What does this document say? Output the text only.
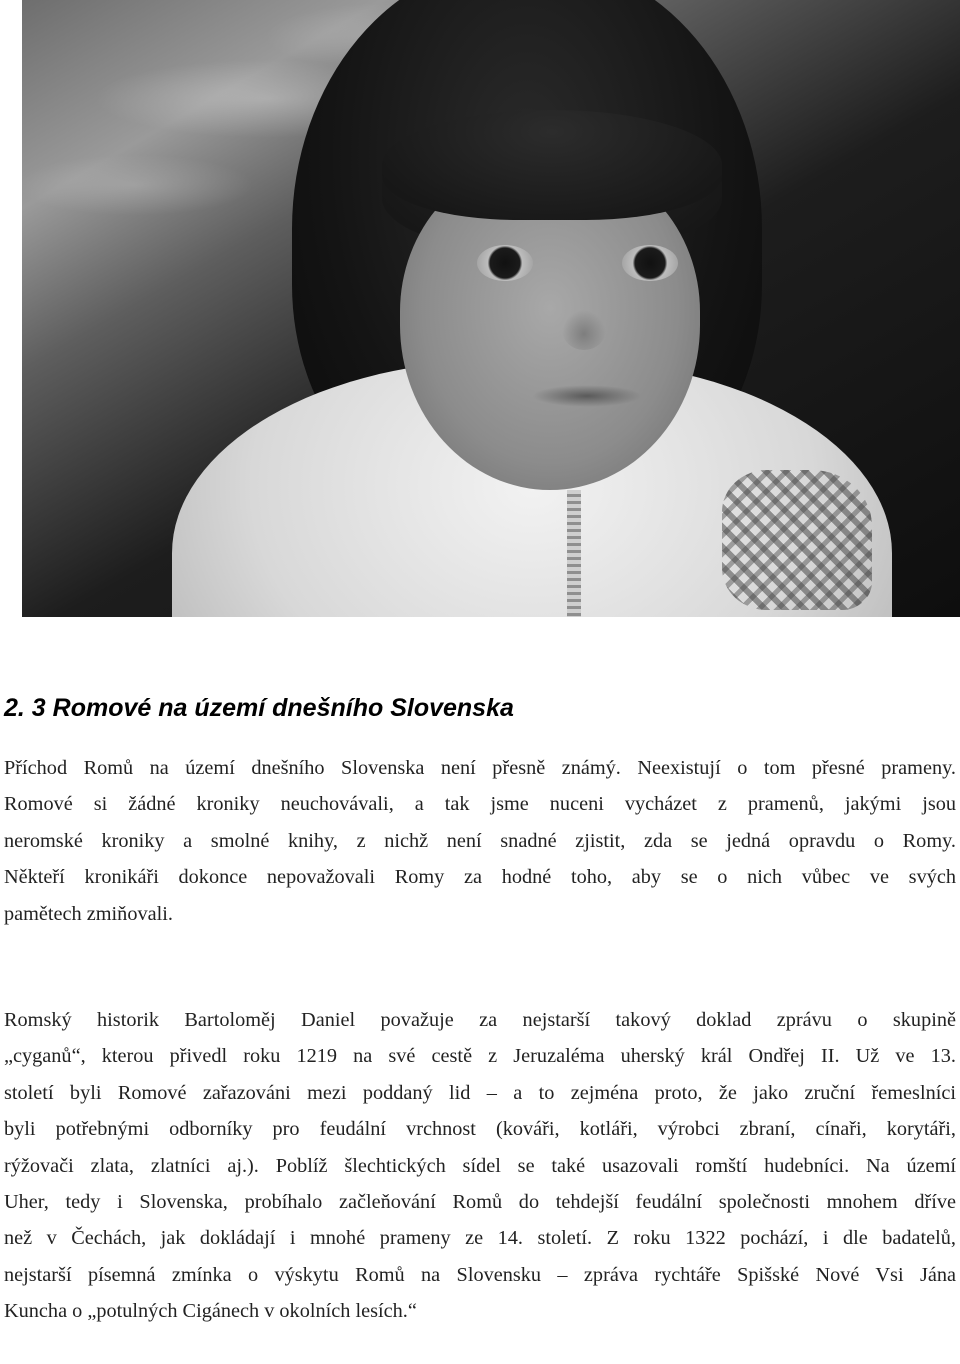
2. 3 Romové na území dnešního Slovenska

Příchod Romů na území dnešního Slovenska není přesně známý. Neexistují o tom přesné prameny.
Romové si žádné kroniky neuchovávali, a tak jsme nuceni vycházet z pramenů, jakými jsou
neromské kroniky a smolné knihy, z nichž není snadné zjistit, zda se jedná opravdu o Romy.
Někteří kronikáři dokonce nepovažovali Romy za hodné toho, aby se o nich vůbec ve svých
pamětech zmiňovali.

Romský historik Bartoloměj Daniel považuje za nejstarší takový doklad zprávu o skupině
„cyganů“, kterou přivedl roku 1219 na své cestě z Jeruzaléma uherský král Ondřej II. Už ve 13.
století byli Romové zařazováni mezi poddaný lid – a to zejména proto, že jako zruční řemeslníci
byli potřebnými odborníky pro feudální vrchnost (kováři, kotláři, výrobci zbraní, cínaři, korytáři,
rýžovači zlata, zlatníci aj.). Poblíž šlechtických sídel se také usazovali romští hudebníci. Na území
Uher, tedy i Slovenska, probíhalo začleňování Romů do tehdejší feudální společnosti mnohem dříve
než v Čechách, jak dokládají i mnohé prameny ze 14. století. Z roku 1322 pochází, i dle badatelů,
nejstarší písemná zmínka o výskytu Romů na Slovensku – zpráva rychtáře Spišské Nové Vsi Jána
Kuncha o „potulných Cigánech v okolních lesích.“
